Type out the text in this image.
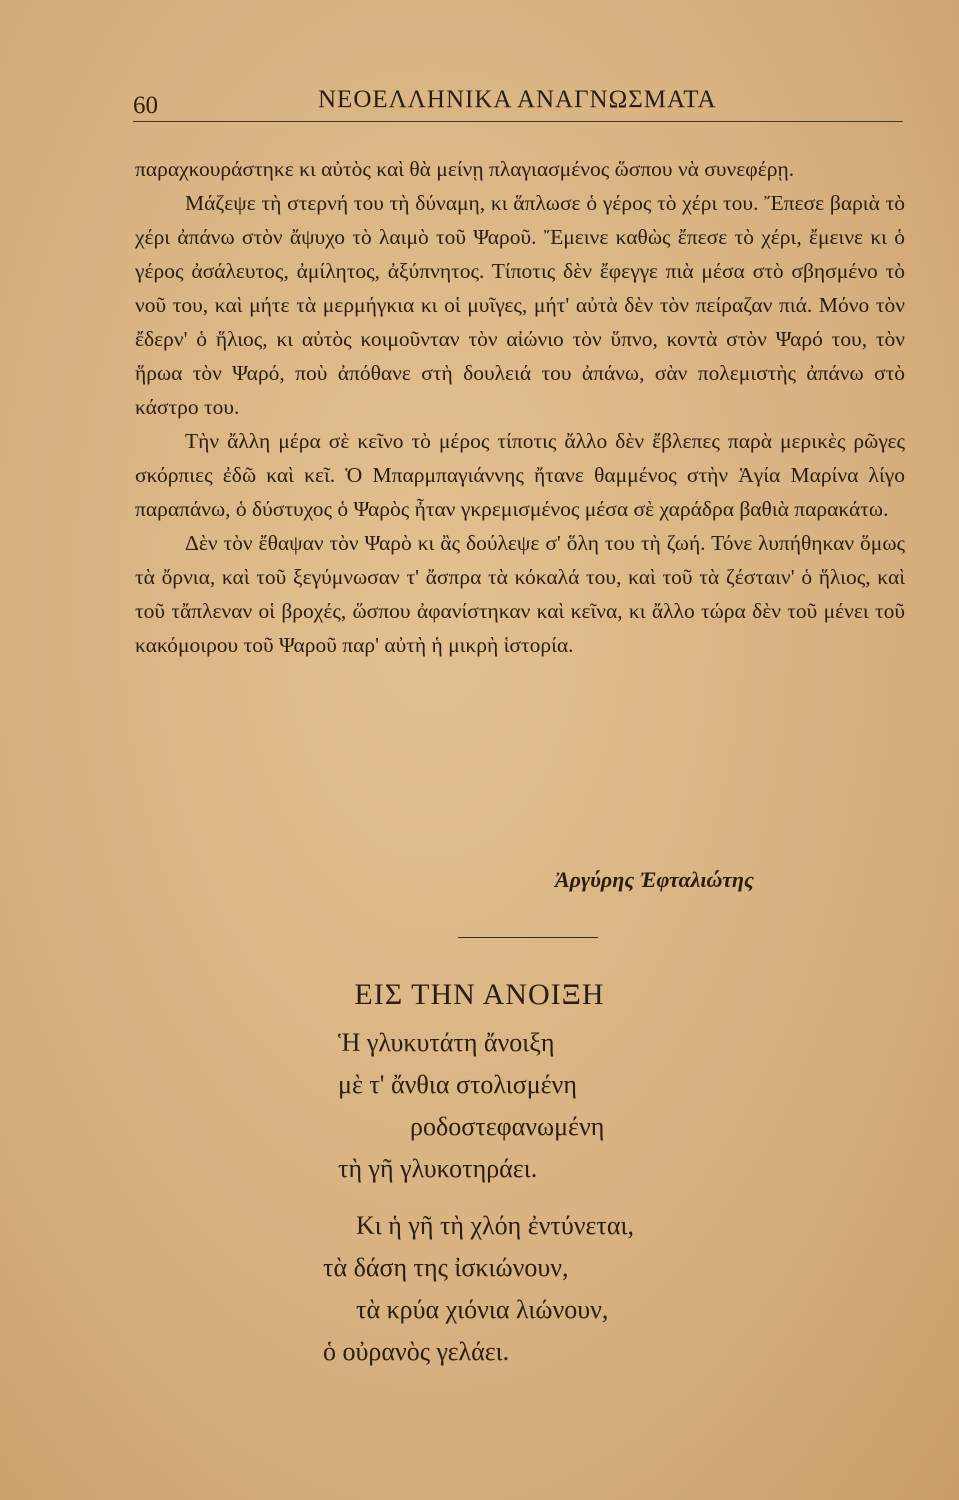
60	ΝΕΟΕΛΛΗΝΙΚΑ ΑΝΑΓΝΩΣΜΑΤΑ

παραχκουράστηκε κι αὐτὸς καὶ θὰ μείνῃ πλαγιασμένος ὥσπου νὰ συνεφέρῃ.

Μάζεψε τὴ στερνή του τὴ δύναμη, κι ἅπλωσε ὁ γέρος τὸ χέρι του. Ἔπεσε βαριὰ τὸ χέρι ἀπάνω στὸν ἄψυχο τὸ λαιμὸ τοῦ Ψαροῦ. Ἔμεινε καθὼς ἔπεσε τὸ χέρι, ἔμεινε κι ὁ γέρος ἀσάλευτος, ἀμίλητος, ἀξύπνητος. Τίποτις δὲν ἔφεγγε πιὰ μέσα στὸ σβησμένο τὸ νοῦ του, καὶ μήτε τὰ μερμήγκια κι οἱ μυῖγες, μήτ' αὐτὰ δὲν τὸν πείραζαν πιά. Μόνο τὸν ἔδερν' ὁ ἥλιος, κι αὐτὸς κοιμοῦνταν τὸν αἰώνιο τὸν ὕπνο, κοντὰ στὸν Ψαρό του, τὸν ἥρωα τὸν Ψαρό, ποὺ ἀπόθανε στὴ δουλειά του ἀπάνω, σὰν πολεμιστὴς ἀπάνω στὸ κάστρο του.

Τὴν ἄλλη μέρα σὲ κεῖνο τὸ μέρος τίποτις ἄλλο δὲν ἔβλεπες παρὰ μερικὲς ρῶγες σκόρπιες ἐδῶ καὶ κεῖ. Ὁ Μπαρμπαγιάννης ἤτανε θαμμένος στὴν Ἁγία Μαρίνα λίγο παραπάνω, ὁ δύστυχος ὁ Ψαρὸς ἦταν γκρεμισμένος μέσα σὲ χαράδρα βαθιὰ παρακάτω.

Δὲν τὸν ἔθαψαν τὸν Ψαρὸ κι ἂς δούλεψε σ' ὅλη του τὴ ζωή. Τόνε λυπήθηκαν ὅμως τὰ ὄρνια, καὶ τοῦ ξεγύμνωσαν τ' ἄσπρα τὰ κόκαλά του, καὶ τοῦ τὰ ζέσταιν' ὁ ἥλιος, καὶ τοῦ τἄπλεναν οἱ βροχές, ὥσπου ἀφανίστηκαν καὶ κεῖνα, κι ἄλλο τώρα δὲν τοῦ μένει τοῦ κακόμοιρου τοῦ Ψαροῦ παρ' αὐτὴ ἡ μικρὴ ἱστορία.

Ἀργύρης Ἐφταλιώτης
ΕΙΣ ΤΗΝ ΑΝΟΙΞΗ
Ἡ γλυκυτάτη ἄνοιξη
μὲ τ' ἄνθια στολισμένη
ροδοστεφανωμένη
τὴ γῆ γλυκοτηράει.
Κι ἡ γῆ τὴ χλόη ἐντύνεται,
τὰ δάση της ἰσκιώνουν,
τὰ κρύα χιόνια λιώνουν,
ὁ οὐρανὸς γελάει.
